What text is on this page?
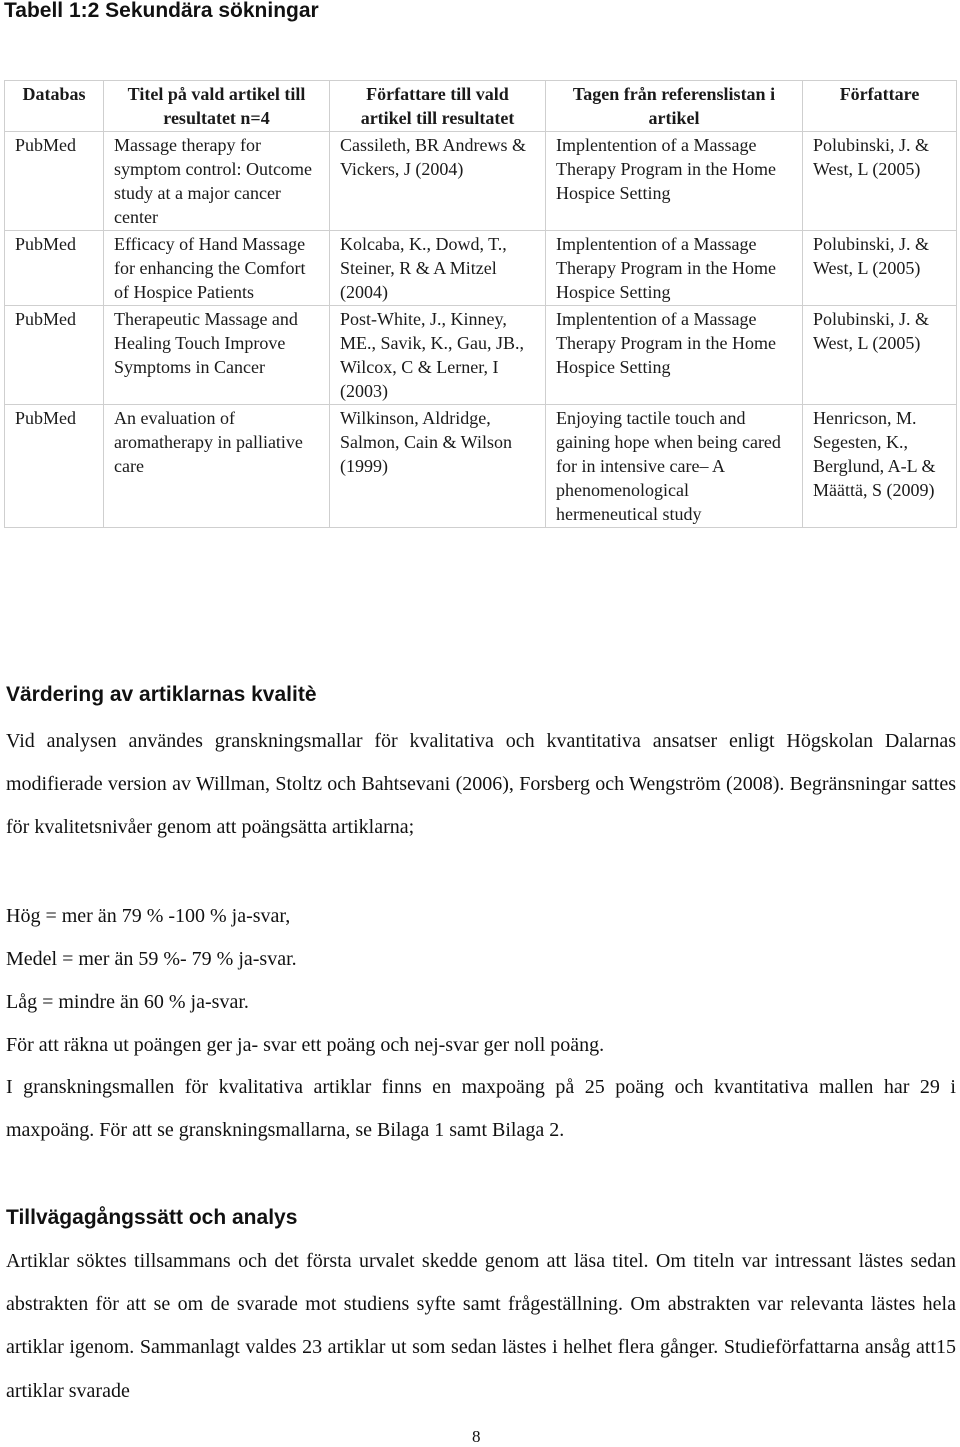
Tabell 1:2 Sekundära sökningar
Databas	Titel på vald artikel till resultatet n=4	Författare till vald artikel till resultatet	Tagen från referenslistan i artikel	Författare
PubMed	Massage therapy for symptom control: Outcome study at a major cancer center	Cassileth, BR Andrews & Vickers, J (2004)	Implentention of a Massage Therapy Program in the Home Hospice Setting	Polubinski, J. & West, L (2005)
PubMed	Efficacy of Hand Massage for enhancing the Comfort of Hospice Patients	Kolcaba, K., Dowd, T., Steiner, R & A Mitzel (2004)	Implentention of a Massage Therapy Program in the Home Hospice Setting	Polubinski, J. & West, L (2005)
PubMed	Therapeutic Massage and Healing Touch Improve Symptoms in Cancer	Post-White, J., Kinney, ME., Savik, K., Gau, JB., Wilcox, C & Lerner, I (2003)	Implentention of a Massage Therapy Program in the Home Hospice Setting	Polubinski, J. & West, L (2005)
PubMed	An evaluation of aromatherapy in palliative care	Wilkinson, Aldridge, Salmon, Cain & Wilson (1999)	Enjoying tactile touch and gaining hope when being cared for in intensive care– A phenomenological hermeneutical study	Henricson, M. Segesten, K., Berglund, A-L & Määttä, S (2009)
Värdering av artiklarnas kvalitè

Vid analysen användes granskningsmallar för kvalitativa och kvantitativa ansatser enligt Högskolan Dalarnas modifierade version av Willman, Stoltz och Bahtsevani (2006), Forsberg och Wengström (2008). Begränsningar sattes för kvalitetsnivåer genom att poängsätta artiklarna;

Hög = mer än 79 % -100 % ja-svar,

Medel = mer än 59 %- 79 % ja-svar.

Låg = mindre än 60 % ja-svar.

För att räkna ut poängen ger ja- svar ett poäng och nej-svar ger noll poäng.

I granskningsmallen för kvalitativa artiklar finns en maxpoäng på 25 poäng och kvantitativa mallen har 29 i maxpoäng. För att se granskningsmallarna, se Bilaga 1 samt Bilaga 2.

Tillvägagångssätt och analys

Artiklar söktes tillsammans och det första urvalet skedde genom att läsa titel. Om titeln var intressant lästes sedan abstrakten för att se om de svarade mot studiens syfte samt frågeställning. Om abstrakten var relevanta lästes hela artiklar igenom. Sammanlagt valdes 23 artiklar ut som sedan lästes i helhet flera gånger. Studieförfattarna ansåg att15 artiklar svarade

8
